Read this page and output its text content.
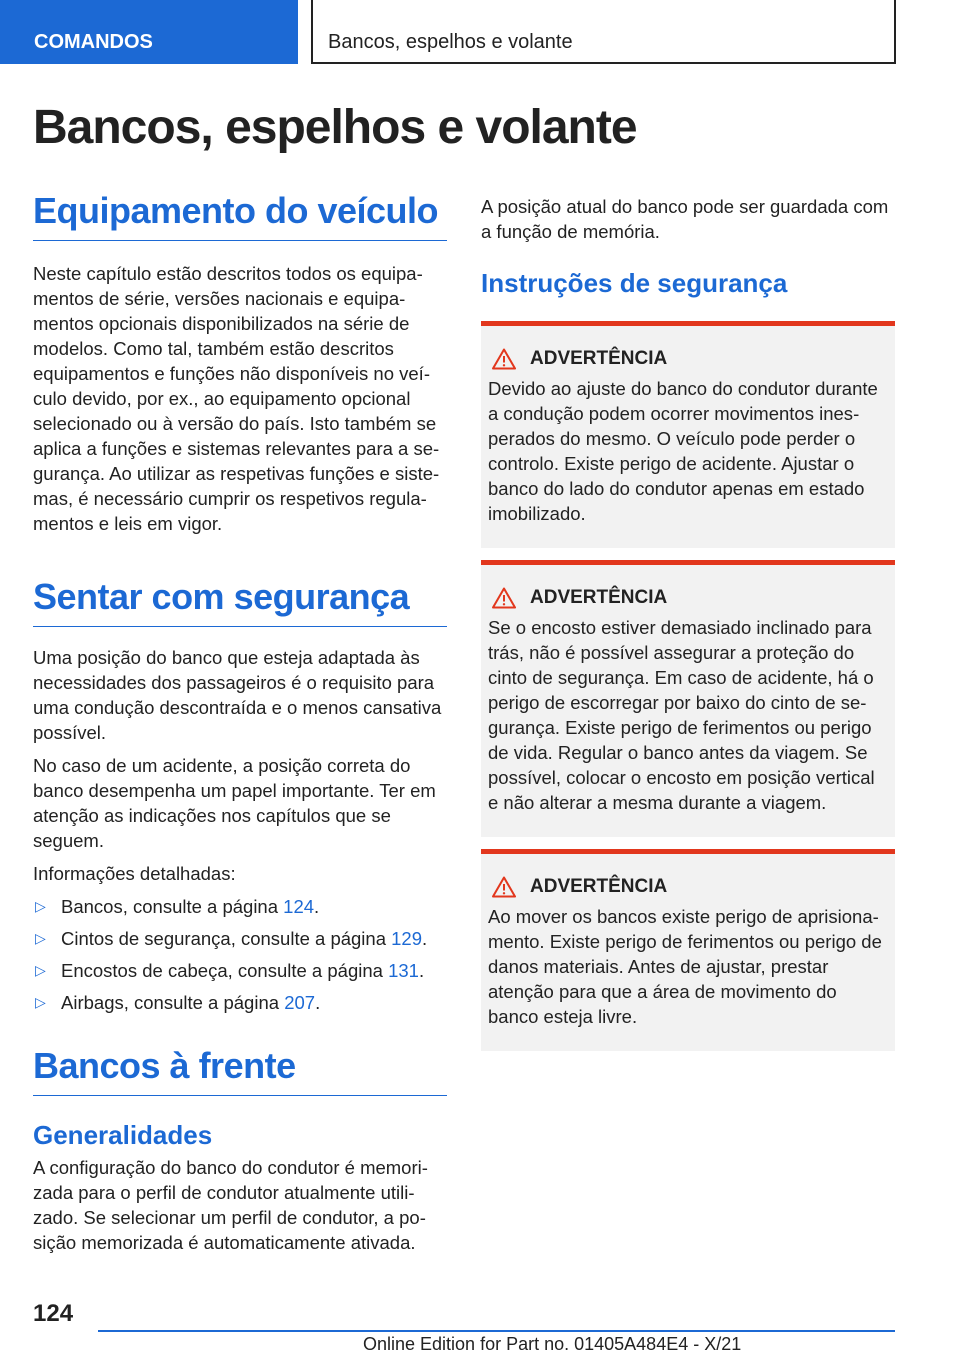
COMANDOS	Bancos, espelhos e volante
Bancos, espelhos e volante
Equipamento do veículo

Neste capítulo estão descritos todos os equipamentos de série, versões nacionais e equipamentos opcionais disponibilizados na série de modelos. Como tal, também estão descritos equipamentos e funções não disponíveis no veículo devido, por ex., ao equipamento opcional selecionado ou à versão do país. Isto também se aplica a funções e sistemas relevantes para a segurança. Ao utilizar as respetivas funções e sistemas, é necessário cumprir os respetivos regulamentos e leis em vigor.

Sentar com segurança

Uma posição do banco que esteja adaptada às necessidades dos passageiros é o requisito para uma condução descontraída e o menos cansativa possível.

No caso de um acidente, a posição correta do banco desempenha um papel importante. Ter em atenção as indicações nos capítulos que se seguem.

Informações detalhadas:

▷ Bancos, consulte a página 124.
▷ Cintos de segurança, consulte a página 129.
▷ Encostos de cabeça, consulte a página 131.
▷ Airbags, consulte a página 207.
Bancos à frente
Generalidades

A configuração do banco do condutor é memorizada para o perfil de condutor atualmente utilizado. Se selecionar um perfil de condutor, a posição memorizada é automaticamente ativada.

A posição atual do banco pode ser guardada com a função de memória.

Instruções de segurança
ADVERTÊNCIA

Devido ao ajuste do banco do condutor durante a condução podem ocorrer movimentos inesperados do mesmo. O veículo pode perder o controlo. Existe perigo de acidente. Ajustar o banco do lado do condutor apenas em estado imobilizado.

ADVERTÊNCIA

Se o encosto estiver demasiado inclinado para trás, não é possível assegurar a proteção do cinto de segurança. Em caso de acidente, há o perigo de escorregar por baixo do cinto de segurança. Existe perigo de ferimentos ou perigo de vida. Regular o banco antes da viagem. Se possível, colocar o encosto em posição vertical e não alterar a mesma durante a viagem.

ADVERTÊNCIA

Ao mover os bancos existe perigo de aprisionamento. Existe perigo de ferimentos ou perigo de danos materiais. Antes de ajustar, prestar atenção para que a área de movimento do banco esteja livre.

124
Online Edition for Part no. 01405A484E4 - X/21
